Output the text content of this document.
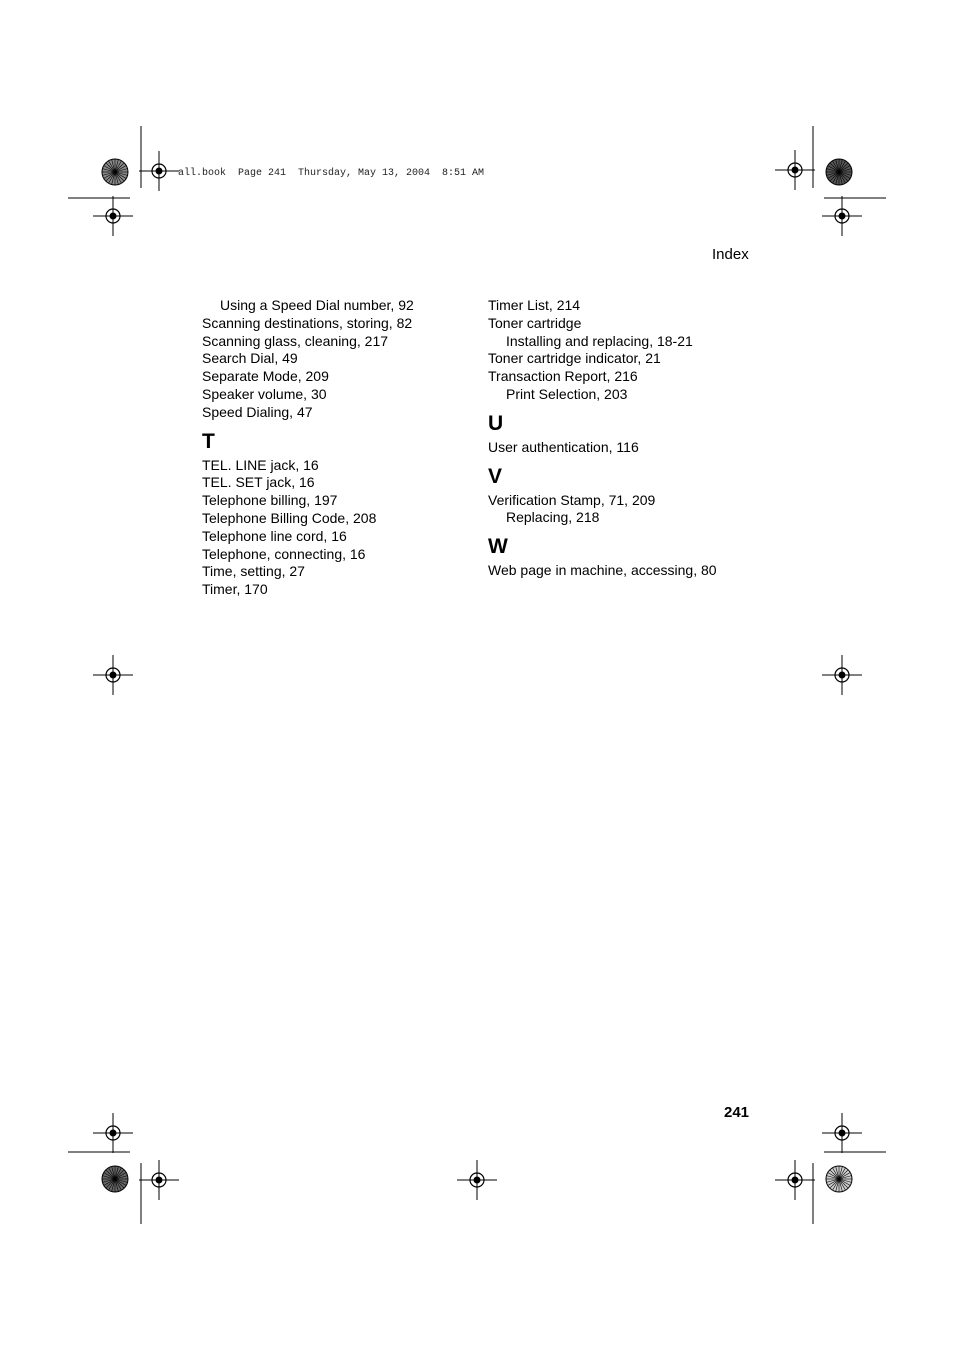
all.book  Page 241  Thursday, May 13, 2004  8:51 AM
Index
Using a Speed Dial number, 92
Scanning destinations, storing, 82
Scanning glass, cleaning, 217
Search Dial, 49
Separate Mode, 209
Speaker volume, 30
Speed Dialing, 47
T
TEL. LINE jack, 16
TEL. SET jack, 16
Telephone billing, 197
Telephone Billing Code, 208
Telephone line cord, 16
Telephone, connecting, 16
Time, setting, 27
Timer, 170
Timer List, 214
Toner cartridge
Installing and replacing, 18-21
Toner cartridge indicator, 21
Transaction Report, 216
Print Selection, 203
U
User authentication, 116
V
Verification Stamp, 71, 209
Replacing, 218
W
Web page in machine, accessing, 80
241
